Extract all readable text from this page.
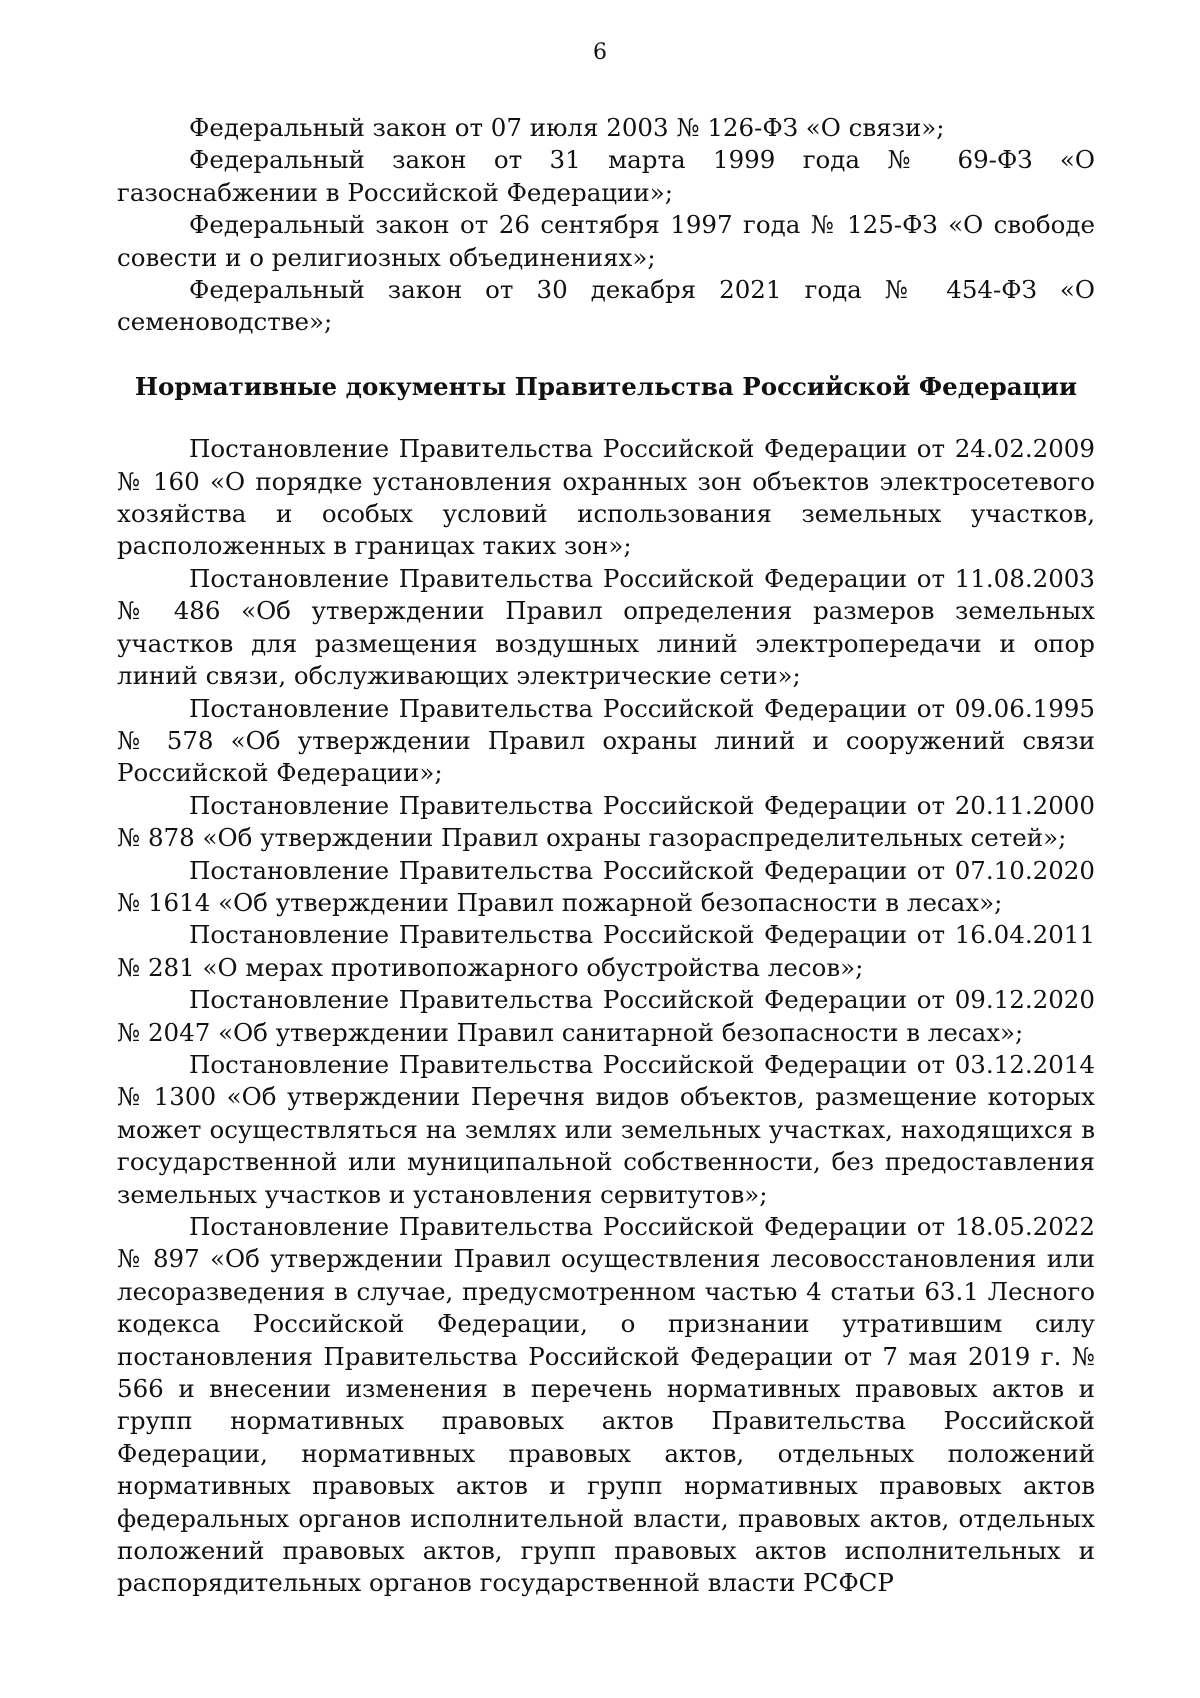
6

Федеральный закон от 07 июля 2003 № 126-ФЗ «О связи»;

Федеральный закон от 31 марта 1999 года № 69-ФЗ «О газоснабжении в Российской Федерации»;

Федеральный закон от 26 сентября 1997 года № 125-ФЗ «О свободе совести и о религиозных объединениях»;

Федеральный закон от 30 декабря 2021 года № 454-ФЗ «О семеноводстве»;

Нормативные документы Правительства Российской Федерации

Постановление Правительства Российской Федерации от 24.02.2009 № 160 «О порядке установления охранных зон объектов электросетевого хозяйства и особых условий использования земельных участков, расположенных в границах таких зон»;

Постановление Правительства Российской Федерации от 11.08.2003 № 486 «Об утверждении Правил определения размеров земельных участков для размещения воздушных линий электропередачи и опор линий связи, обслуживающих электрические сети»;

Постановление Правительства Российской Федерации от 09.06.1995 № 578 «Об утверждении Правил охраны линий и сооружений связи Российской Федерации»;

Постановление Правительства Российской Федерации от 20.11.2000 № 878 «Об утверждении Правил охраны газораспределительных сетей»;

Постановление Правительства Российской Федерации от 07.10.2020 № 1614 «Об утверждении Правил пожарной безопасности в лесах»;

Постановление Правительства Российской Федерации от 16.04.2011 № 281 «О мерах противопожарного обустройства лесов»;

Постановление Правительства Российской Федерации от 09.12.2020 № 2047 «Об утверждении Правил санитарной безопасности в лесах»;

Постановление Правительства Российской Федерации от 03.12.2014 № 1300 «Об утверждении Перечня видов объектов, размещение которых может осуществляться на землях или земельных участках, находящихся в государственной или муниципальной собственности, без предоставления земельных участков и установления сервитутов»;

Постановление Правительства Российской Федерации от 18.05.2022 № 897 «Об утверждении Правил осуществления лесовосстановления или лесоразведения в случае, предусмотренном частью 4 статьи 63.1 Лесного кодекса Российской Федерации, о признании утратившим силу постановления Правительства Российской Федерации от 7 мая 2019 г. № 566 и внесении изменения в перечень нормативных правовых актов и групп нормативных правовых актов Правительства Российской Федерации, нормативных правовых актов, отдельных положений нормативных правовых актов и групп нормативных правовых актов федеральных органов исполнительной власти, правовых актов, отдельных положений правовых актов, групп правовых актов исполнительных и распорядительных органов государственной власти РСФСР
